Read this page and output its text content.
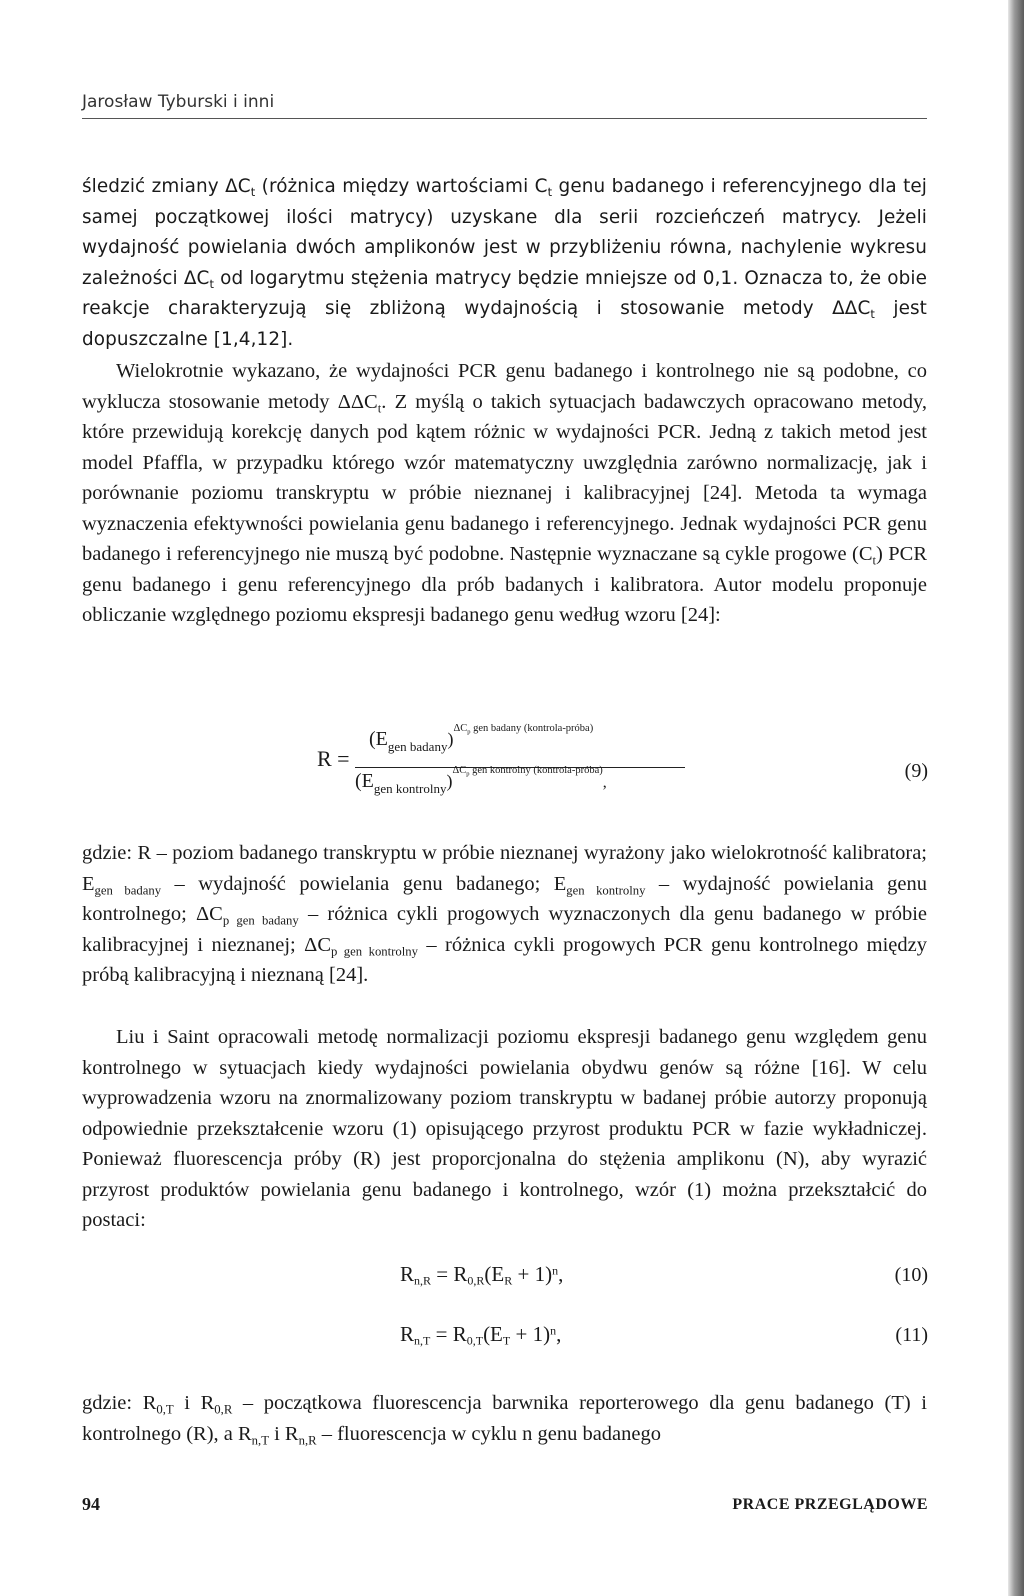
Jarosław Tyburski i inni

śledzić zmiany $\Delta C_t$ (różnica między wartościami $C_t$ genu badanego i referencyjnego dla tej samej początkowej ilości matrycy) uzyskane dla serii rozcieńczeń matrycy. Jeżeli wydajność powielania dwóch amplikonów jest w przybliżeniu równa, nachylenie wykresu zależności $\Delta C_t$ od logarytmu stężenia matrycy będzie mniejsze od 0,1. Oznacza to, że obie reakcje charakteryzują się zbliżoną wydajnością i stosowanie metody $\Delta\Delta C_t$ jest dopuszczalne [1,4,12].

Wielokrotnie wykazano, że wydajności PCR genu badanego i kontrolnego nie są podobne, co wyklucza stosowanie metody $\Delta\Delta C_t$. Z myślą o takich sytuacjach badawczych opracowano metody, które przewidują korekcję danych pod kątem różnic w wydajności PCR. Jedną z takich metod jest model Pfaffla, w przypadku którego wzór matematyczny uwzględnia zarówno normalizację, jak i porównanie poziomu transkryptu w próbie nieznanej i kalibracyjnej [24]. Metoda ta wymaga wyznaczenia efektywności powielania genu badanego i referencyjnego. Jednak wydajności PCR genu badanego i referencyjnego nie muszą być podobne. Następnie wyznaczane są cykle progowe $(C_t)$ PCR genu badanego i genu referencyjnego dla prób badanych i kalibratora. Autor modelu proponuje obliczanie względnego poziomu ekspresji badanego genu według wzoru [24]:

R =
$(E_{gen badany})^{\Delta C_p gen badany (kontrola-próba)}$
$(E_{gen kontrolny})^{\Delta C_p gen kontrolny (kontrola-próba)}$,
(9)

gdzie: R – poziom badanego transkryptu w próbie nieznanej wyrażony jako wielokrotność kalibratora; $E_{gen badany}$ – wydajność powielania genu badanego; $E_{gen kontrolny}$ – wydajność powielania genu kontrolnego; $\Delta C_{p gen badany}$ – różnica cykli progowych wyznaczonych dla genu badanego w próbie kalibracyjnej i nieznanej; $\Delta C_{p gen kontrolny}$ – różnica cykli progowych PCR genu kontrolnego między próbą kalibracyjną i nieznaną [24].

Liu i Saint opracowali metodę normalizacji poziomu ekspresji badanego genu względem genu kontrolnego w sytuacjach kiedy wydajności powielania obydwu genów są różne [16]. W celu wyprowadzenia wzoru na znormalizowany poziom transkryptu w badanej próbie autorzy proponują odpowiednie przekształcenie wzoru (1) opisującego przyrost produktu PCR w fazie wykładniczej. Ponieważ fluorescencja próby (R) jest proporcjonalna do stężenia amplikonu (N), aby wyrazić przyrost produktów powielania genu badanego i kontrolnego, wzór (1) można przekształcić do postaci:

$R_{n,R} = R_{0,R}(E_R + 1)^n$,	(10)
$R_{n,T} = R_{0,T}(E_T + 1)^n$,	(11)

gdzie: $R_{0,T}$ i $R_{0,R}$ – początkowa fluorescencja barwnika reporterowego dla genu badanego (T) i kontrolnego (R), a $R_{n,T}$ i $R_{n,R}$ – fluorescencja w cyklu n genu badanego

94	PRACE PRZEGLĄDOWE
